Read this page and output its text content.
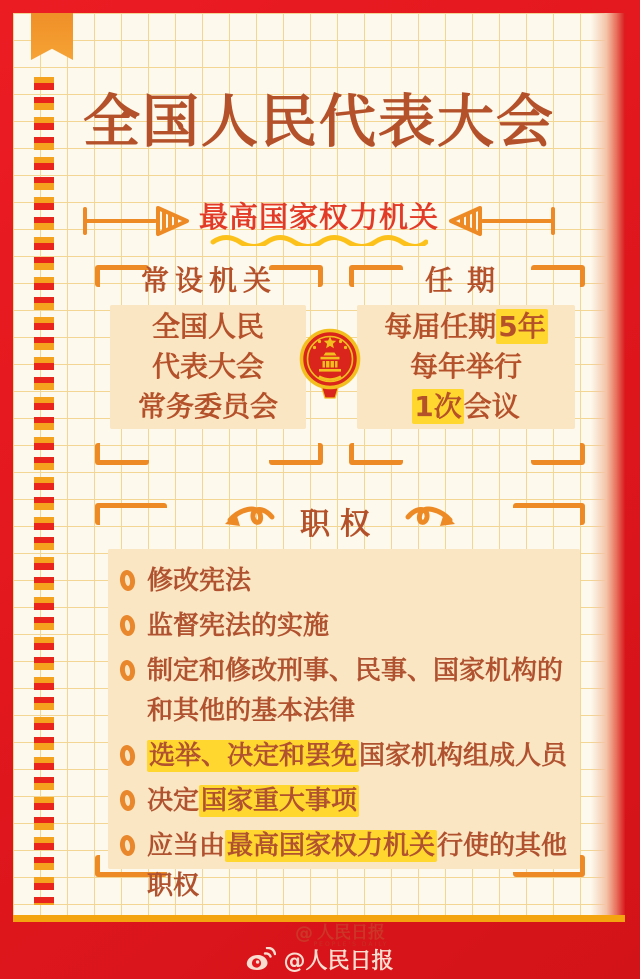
全国人民代表大会
最高国家权力机关
常设机关

全国人民

代表大会

常务委员会

任期

每届任期5年

每年举行

1次会议

职权

修改宪法

监督宪法的实施

制定和修改刑事、民事、国家机构的和其他的基本法律

选举、决定和罢免国家机构组成人员

决定国家重大事项

应当由最高国家权力机关行使的其他职权

@ 人民日报
PEOPLE'S DAILY
@人民日报
